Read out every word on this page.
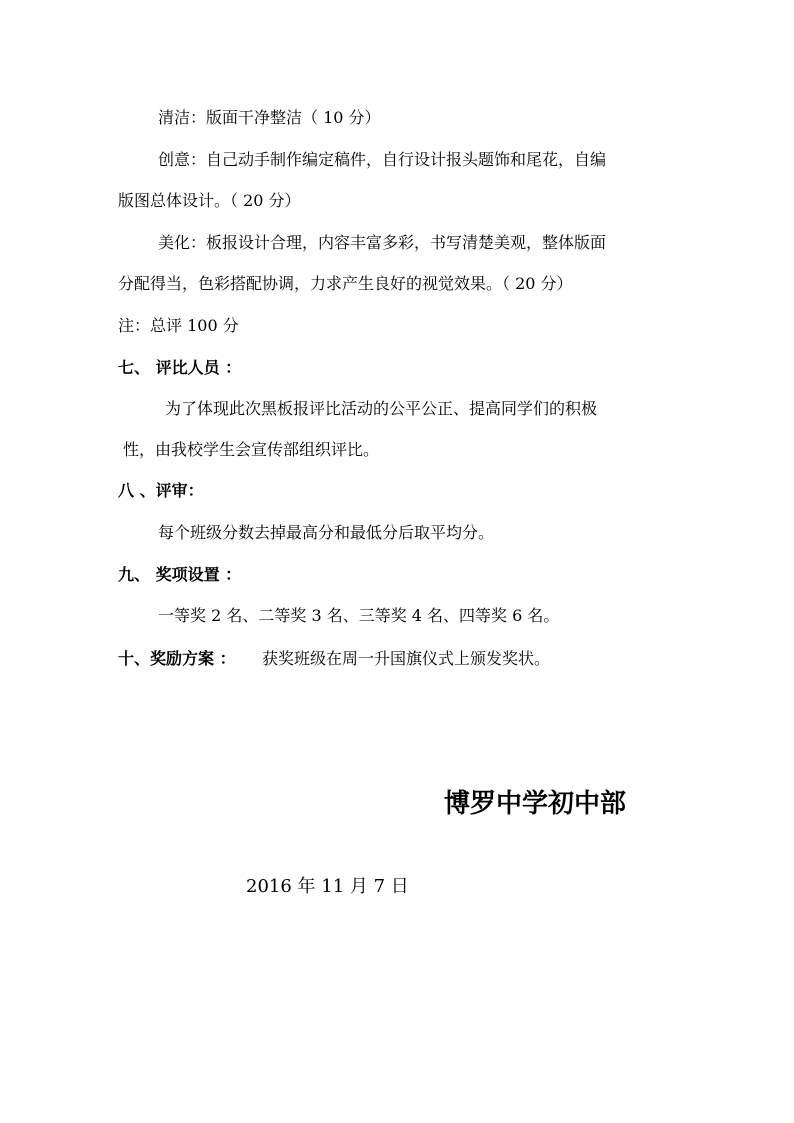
清洁：版面干净整洁（ 10 分）
创意：自己动手制作编定稿件，自行设计报头题饰和尾花，自编
版图总体设计。（ 20 分）
美化：板报设计合理，内容丰富多彩，书写清楚美观，整体版面
分配得当，色彩搭配协调，力求产生良好的视觉效果。（ 20 分）
注：总评 100 分
七、 评比人员 ：
为了体现此次黑板报评比活动的公平公正、提高同学们的积极
性，由我校学生会宣传部组织评比。
八 、评审：
每个班级分数去掉最高分和最低分后取平均分。
九、 奖项设置 ：
一等奖 2 名、二等奖 3 名、三等奖 4 名、四等奖 6 名。
十、奖励方案 ： 获奖班级在周一升国旗仪式上颁发奖状。
博罗中学初中部
2016 年 11 月 7 日
